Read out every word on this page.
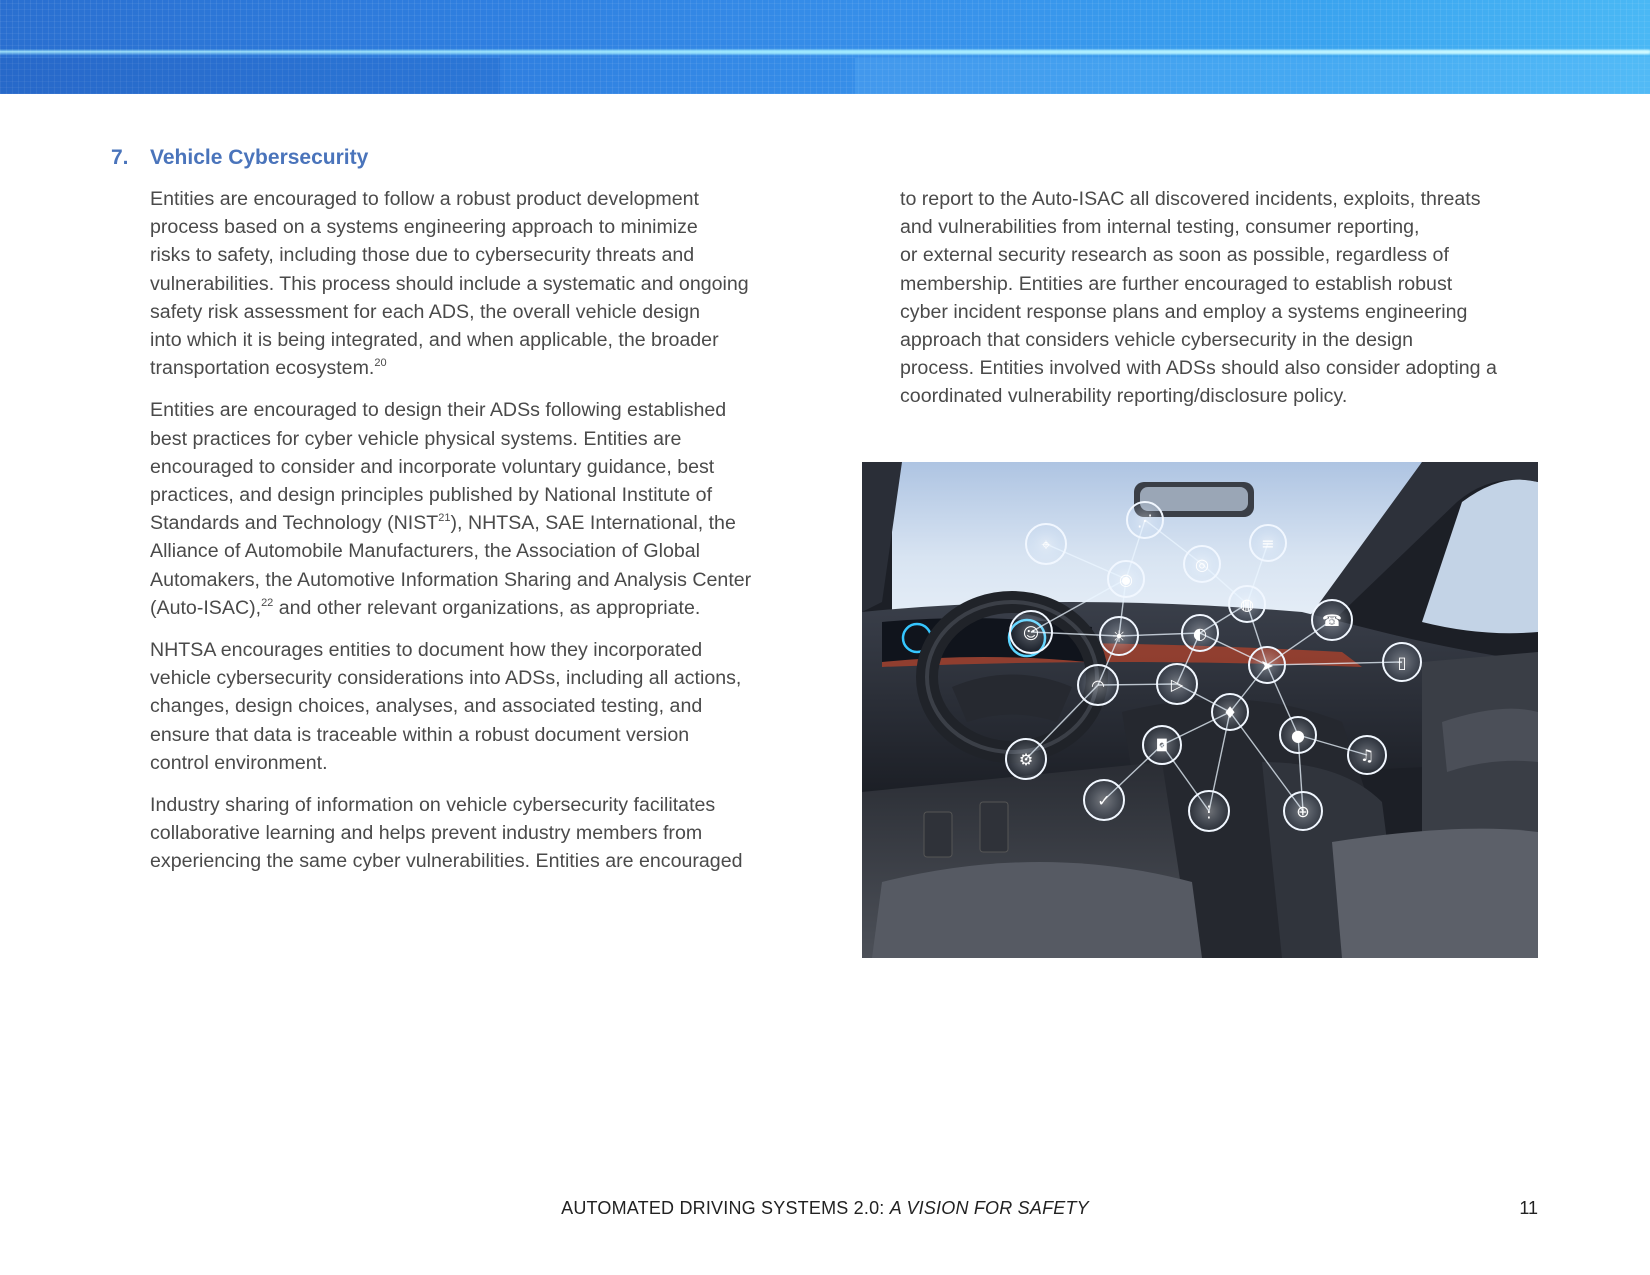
7.	Vehicle Cybersecurity

Entities are encouraged to follow a robust product development
process based on a systems engineering approach to minimize
risks to safety, including those due to cybersecurity threats and
vulnerabilities. This process should include a systematic and ongoing
safety risk assessment for each ADS, the overall vehicle design
into which it is being integrated, and when applicable, the broader
transportation ecosystem.$^{20}$

Entities are encouraged to design their ADSs following established
best practices for cyber vehicle physical systems. Entities are
encouraged to consider and incorporate voluntary guidance, best
practices, and design principles published by National Institute of
Standards and Technology (NIST$^{21}$), NHTSA, SAE International, the
Alliance of Automobile Manufacturers, the Association of Global
Automakers, the Automotive Information Sharing and Analysis Center
(Auto-ISAC),$^{22}$ and other relevant organizations, as appropriate.

NHTSA encourages entities to document how they incorporated
vehicle cybersecurity considerations into ADSs, including all actions,
changes, design choices, analyses, and associated testing, and
ensure that data is traceable within a robust document version
control environment.

Industry sharing of information on vehicle cybersecurity facilitates
collaborative learning and helps prevent industry members from
experiencing the same cyber vulnerabilities. Entities are encouraged

to report to the Auto-ISAC all discovered incidents, exploits, threats
and vulnerabilities from internal testing, consumer reporting,
or external security research as soon as possible, regardless of
membership. Entities are further encouraged to establish robust
cyber incident response plans and employ a systems engineering
approach that considers vehicle cybersecurity in the design
process. Entities involved with ADSs should also consider adopting a
coordinated vulnerability reporting/disclosure policy.

⌖
⋰
≡
◉
◎
◍
☎
☺	☀	◐
➤	▯
◠	▷
♦
●
♫
◘
⚙
✓
⋮	⊕
AUTOMATED DRIVING SYSTEMS 2.0: A VISION FOR SAFETY	11
